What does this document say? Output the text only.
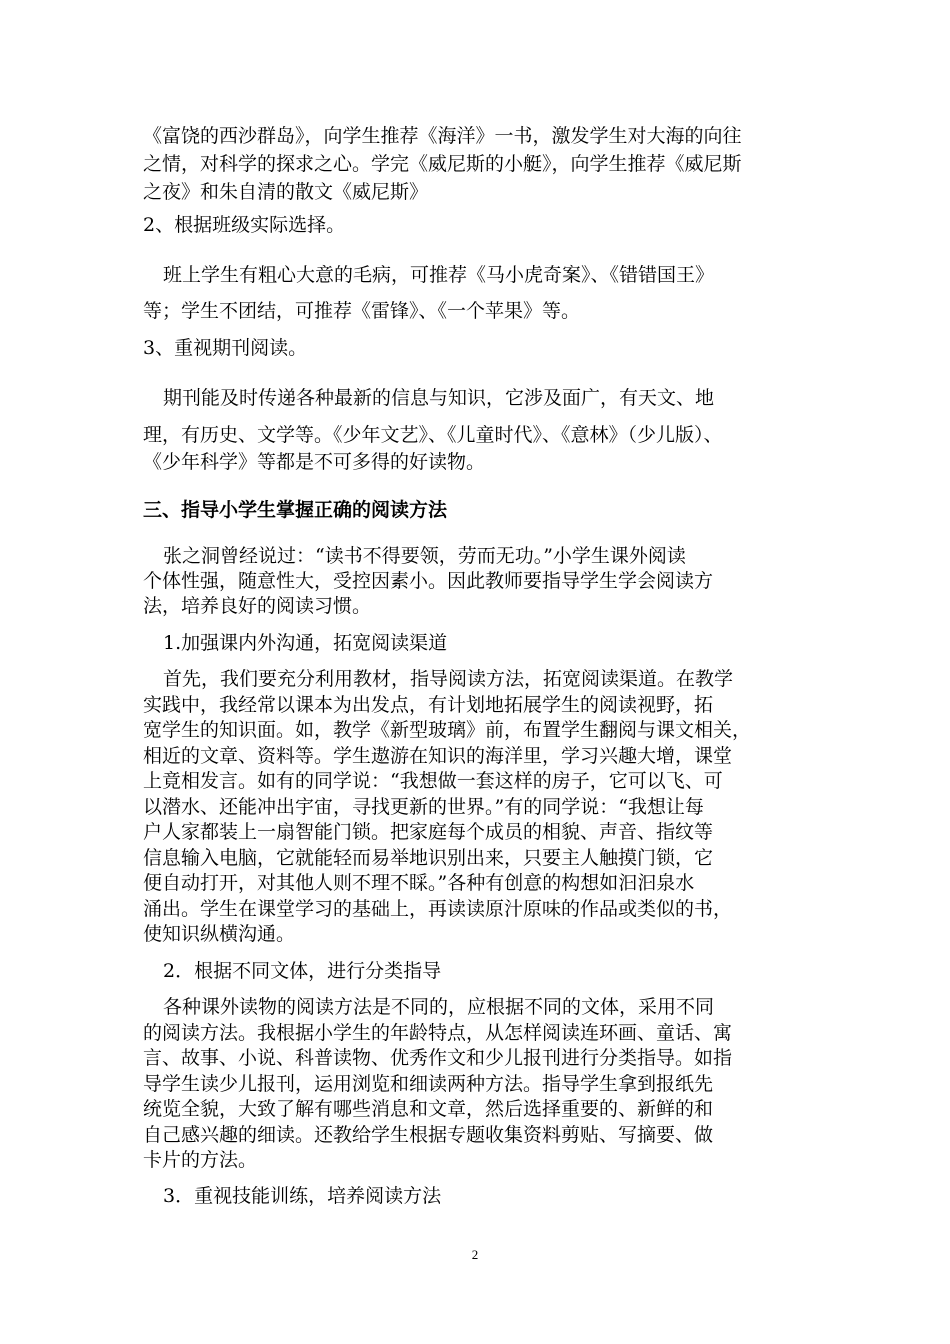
《富饶的西沙群岛》，向学生推荐《海洋》一书，激发学生对大海的向往
之情，对科学的探求之心。学完《威尼斯的小艇》，向学生推荐《威尼斯
之夜》和朱自清的散文《威尼斯》
2、根据班级实际选择。
班上学生有粗心大意的毛病，可推荐《马小虎奇案》、《错错国王》
等；学生不团结，可推荐《雷锋》、《一个苹果》等。
3、重视期刊阅读。
期刊能及时传递各种最新的信息与知识，它涉及面广，有天文、地
理，有历史、文学等。《少年文艺》、《儿童时代》、《意林》（少儿版）、
《少年科学》等都是不可多得的好读物。
三、指导小学生掌握正确的阅读方法
张之洞曾经说过：“读书不得要领，劳而无功。”小学生课外阅读
个体性强，随意性大，受控因素小。因此教师要指导学生学会阅读方
法，培养良好的阅读习惯。
1.加强课内外沟通，拓宽阅读渠道
首先，我们要充分利用教材，指导阅读方法，拓宽阅读渠道。在教学
实践中，我经常以课本为出发点，有计划地拓展学生的阅读视野，拓
宽学生的知识面。如，教学《新型玻璃》前，布置学生翻阅与课文相关，
相近的文章、资料等。学生遨游在知识的海洋里，学习兴趣大增，课堂
上竟相发言。如有的同学说：“我想做一套这样的房子，它可以飞、可
以潜水、还能冲出宇宙，寻找更新的世界。”有的同学说：“我想让每
户人家都装上一扇智能门锁。把家庭每个成员的相貌、声音、指纹等
信息输入电脑，它就能轻而易举地识别出来，只要主人触摸门锁，它
便自动打开，对其他人则不理不睬。”各种有创意的构想如汩汩泉水
涌出。学生在课堂学习的基础上，再读读原汁原味的作品或类似的书，
使知识纵横沟通。
2．根据不同文体，进行分类指导
各种课外读物的阅读方法是不同的，应根据不同的文体，采用不同
的阅读方法。我根据小学生的年龄特点，从怎样阅读连环画、童话、寓
言、故事、小说、科普读物、优秀作文和少儿报刊进行分类指导。如指
导学生读少儿报刊，运用浏览和细读两种方法。指导学生拿到报纸先
统览全貌，大致了解有哪些消息和文章，然后选择重要的、新鲜的和
自己感兴趣的细读。还教给学生根据专题收集资料剪贴、写摘要、做
卡片的方法。
3．重视技能训练，培养阅读方法
2
